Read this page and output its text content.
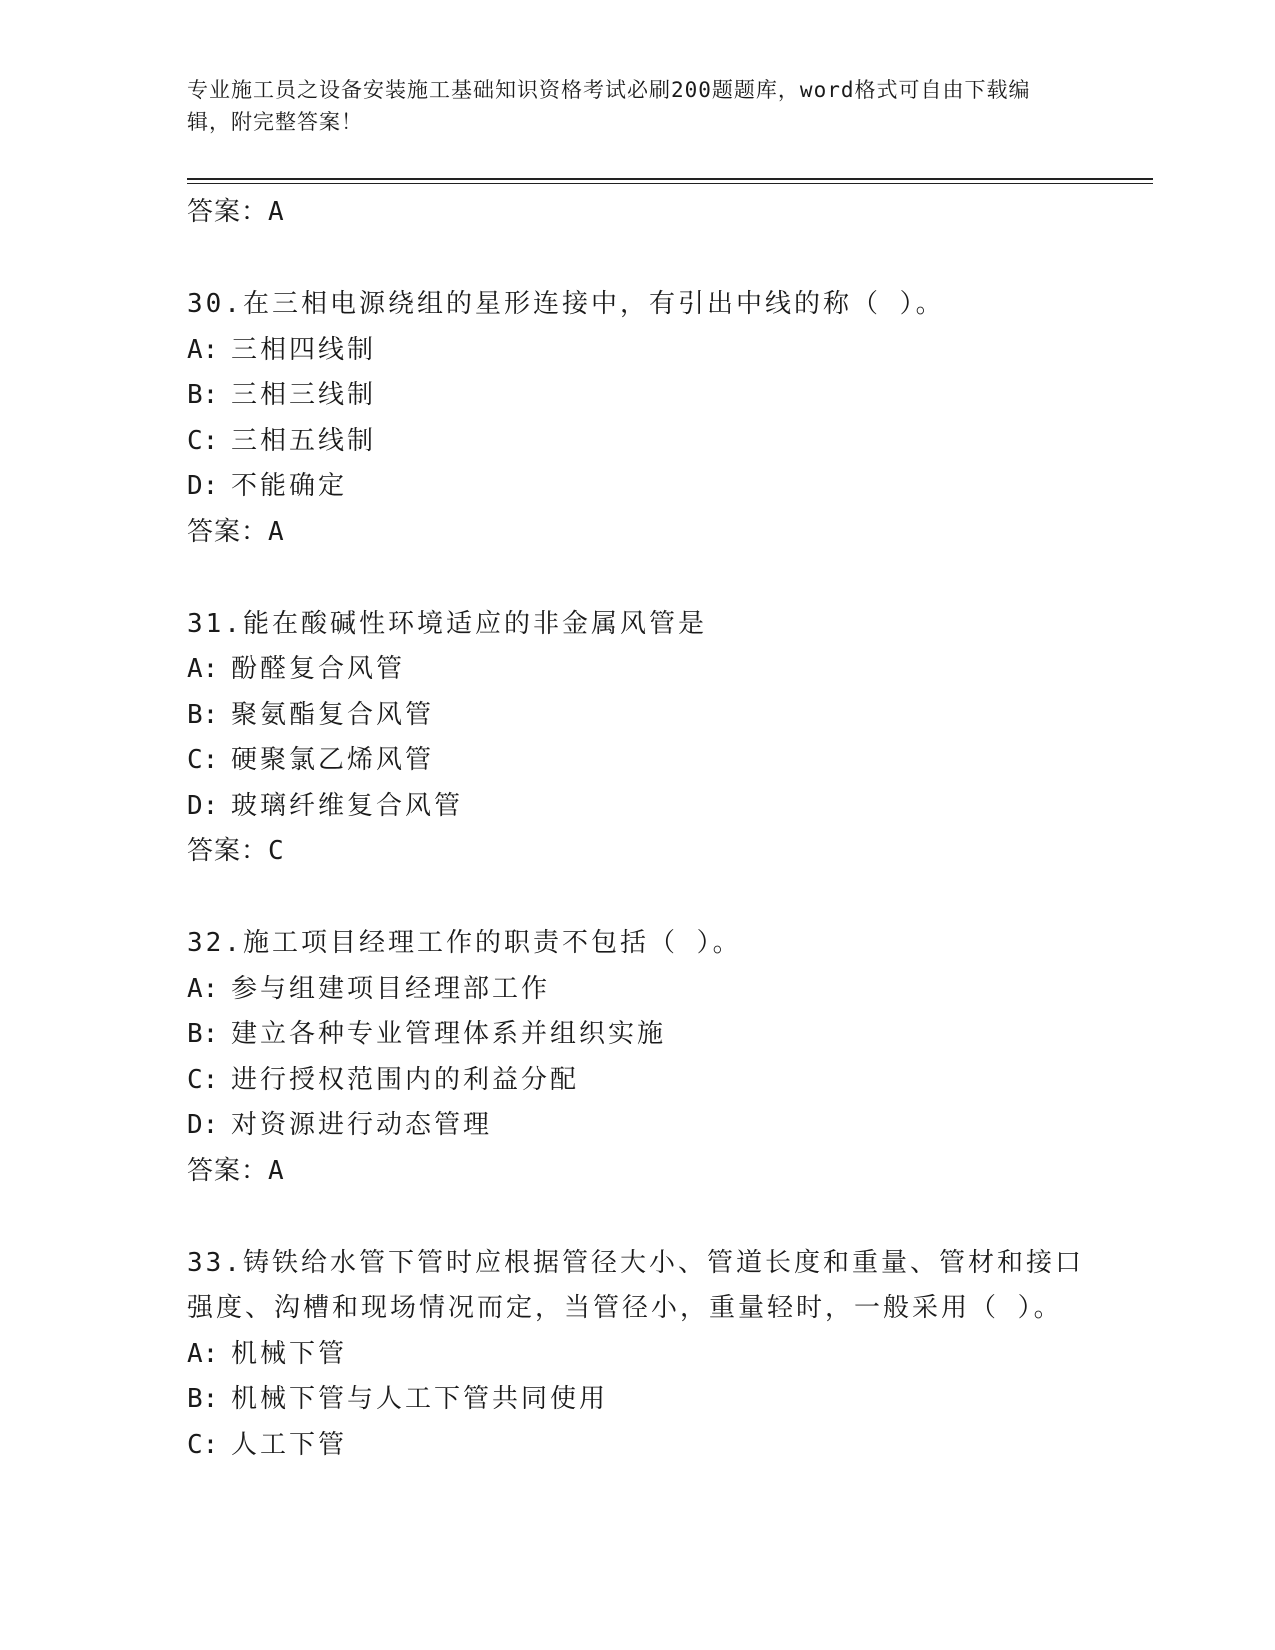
专业施工员之设备安装施工基础知识资格考试必刷200题题库，word格式可自由下载编辑，附完整答案！
答案：A
30.在三相电源绕组的星形连接中，有引出中线的称（ ）。
A: 三相四线制
B: 三相三线制
C: 三相五线制
D: 不能确定
答案：A
31.能在酸碱性环境适应的非金属风管是
A: 酚醛复合风管
B: 聚氨酯复合风管
C: 硬聚氯乙烯风管
D: 玻璃纤维复合风管
答案：C
32.施工项目经理工作的职责不包括（ ）。
A: 参与组建项目经理部工作
B: 建立各种专业管理体系并组织实施
C: 进行授权范围内的利益分配
D: 对资源进行动态管理
答案：A
33.铸铁给水管下管时应根据管径大小、管道长度和重量、管材和接口强度、沟槽和现场情况而定，当管径小，重量轻时，一般采用（ ）。
A: 机械下管
B: 机械下管与人工下管共同使用
C: 人工下管
